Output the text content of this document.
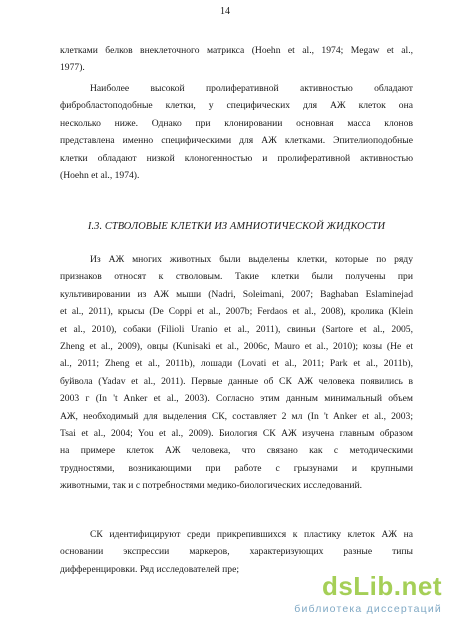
14
клетками белков внеклеточного матрикса (Hoehn et al., 1974; Megaw et al.,
1977).
Наиболее высокой пролиферативной активностью обладают
фибробластоподобные клетки, у специфических для АЖ клеток она
несколько ниже. Однако при клонировании основная масса клонов
представлена именно специфическими для АЖ клетками. Эпителиоподобные
клетки обладают низкой клоногенностью и пролиферативной активностью
(Hoehn et al., 1974).
I.3. СТВОЛОВЫЕ КЛЕТКИ ИЗ АМНИОТИЧЕСКОЙ ЖИДКОСТИ
Из АЖ многих животных были выделены клетки, которые по ряду
признаков относят к стволовым. Такие клетки были получены при
культивировании из АЖ мыши (Nadri, Soleimani, 2007; Baghaban Eslaminejad
et al., 2011), крысы (De Coppi et al., 2007b; Ferdaos et al., 2008), кролика (Klein
et al., 2010), собаки (Filioli Uranio et al., 2011), свиньи (Sartore et al., 2005,
Zheng et al., 2009), овцы (Kunisaki et al., 2006c, Mauro et al., 2010); козы (He et
al., 2011; Zheng et al., 2011b), лошади (Lovati et al., 2011; Park et al., 2011b),
буйвола (Yadav et al., 2011). Первые данные об СК АЖ человека появились в
2003 г (In 't Anker et al., 2003). Согласно этим данным минимальный объем
АЖ, необходимый для выделения СК, составляет 2 мл (In 't Anker et al., 2003;
Tsai et al., 2004; You et al., 2009). Биология СК АЖ изучена главным образом
на примере клеток АЖ человека, что связано как с методическими
трудностями, возникающими при работе с грызунами и крупными
животными, так и с потребностями медико-биологических исследований.
СК идентифицируют среди прикрепившихся к пластику клеток АЖ на
основании экспрессии маркеров, характеризующих разные типы
дифференцировки. Ряд исследователей пре;
dsLib.net
библиотека диссертаций
